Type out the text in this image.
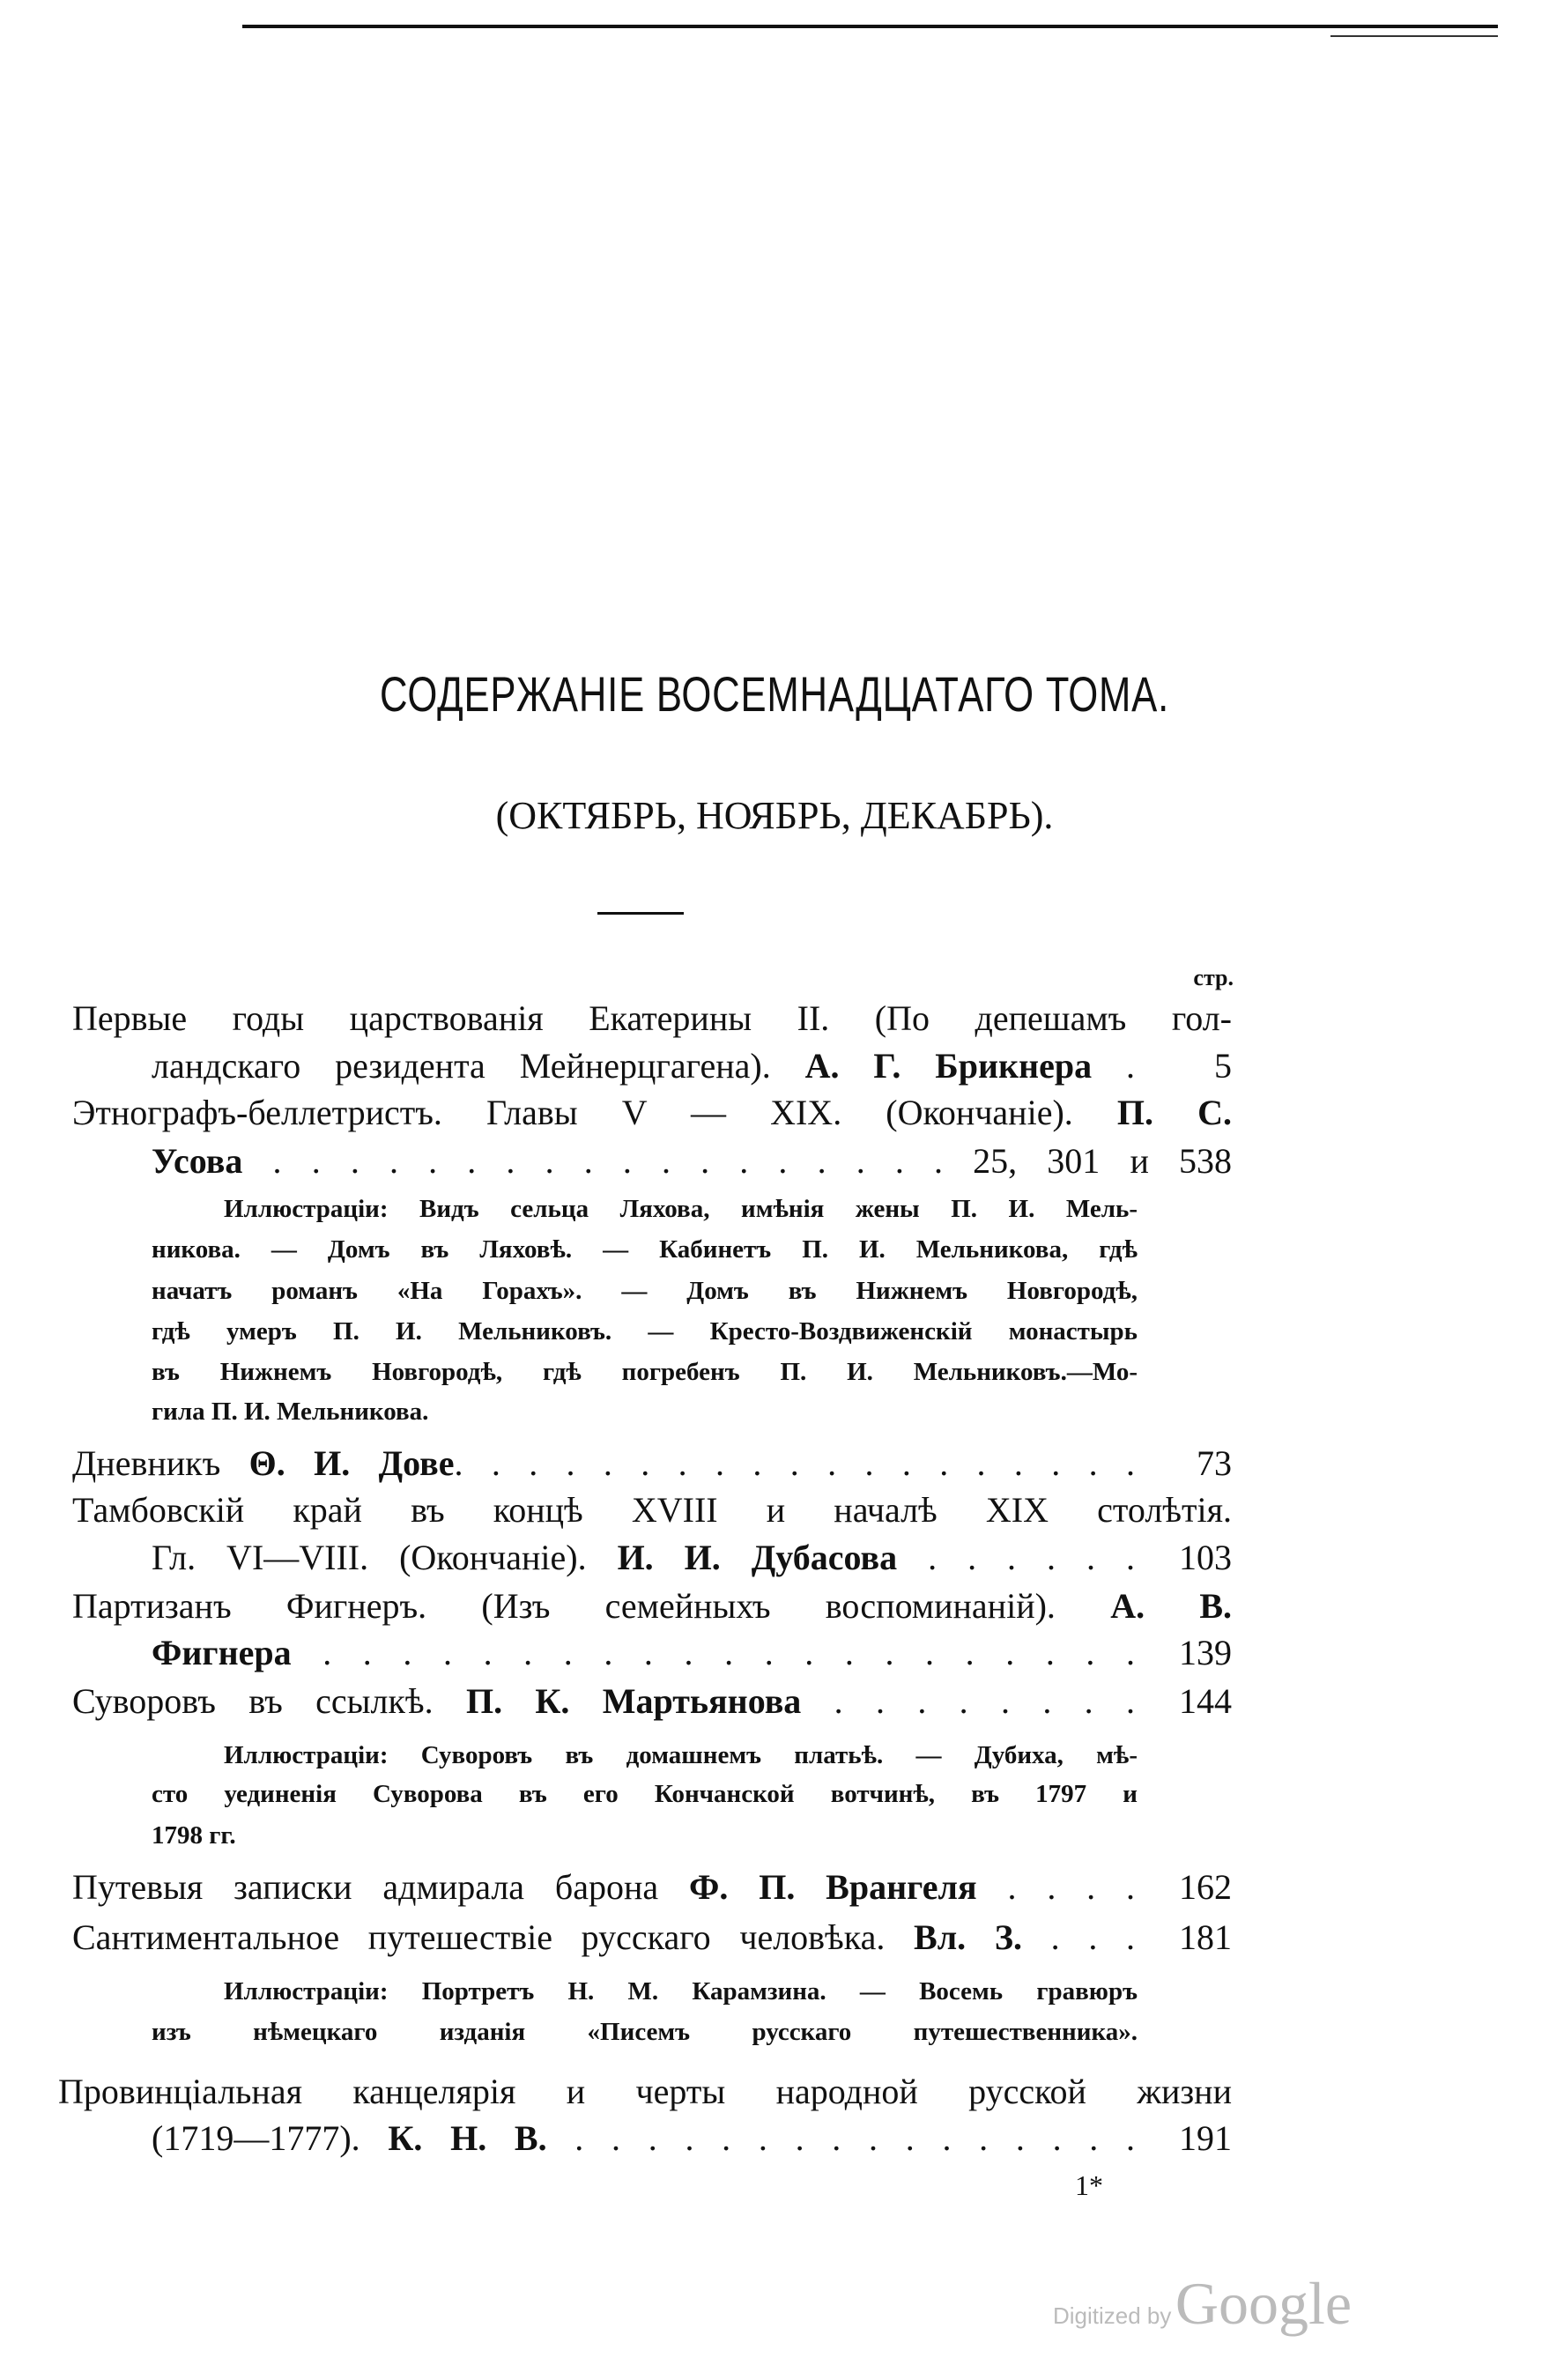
СОДЕРЖАНІЕ ВОСЕМНАДЦАТАГО ТОМА.
(ОКТЯБРЬ, НОЯБРЬ, ДЕКАБРЬ).
стр.
Первые годы царствованія Екатерины II. (По депешамъ гол-
ландскаго резидента Мейнерцгагена). А. Г. Брикнера .	5
Этнографъ-беллетристъ. Главы V — XIX. (Окончаніе). П. С.
Усова . . . . . . . . . . . . . . . . . . 25, 301 и 538
Иллюстраціи: Видъ сельца Ляхова, имѣнія жены П. И. Мель-
никова. — Домъ въ Ляховѣ. — Кабинетъ П. И. Мельникова, гдѣ
начатъ романъ «На Горахъ». — Домъ въ Нижнемъ Новгородѣ,
гдѣ умеръ П. И. Мельниковъ. — Кресто-Воздвиженскій монастырь
въ Нижнемъ Новгородѣ, гдѣ погребенъ П. И. Мельниковъ.—Мо-
гила П. И. Мельникова.
Дневникъ Θ. И. Довe. . . . . . . . . . . . . . . . . . .	73
Тамбовскій край въ концѣ XVIII и началѣ XIX столѣтія.
Гл. VI—VIII. (Окончаніе). И. И. Дубасова . . . . . .	103
Партизанъ Фигнеръ. (Изъ семейныхъ воспоминаній). А. В.
Фигнера . . . . . . . . . . . . . . . . . . . . .	139
Суворовъ въ ссылкѣ. П. К. Мартьянова . . . . . . . .	144
Иллюстраціи: Суворовъ въ домашнемъ платьѣ. — Дубиха, мѣ-
сто уединенія Суворова въ его Кончанской вотчинѣ, въ 1797 и
1798 гг.
Путевыя записки адмирала барона Ф. П. Врангеля . . . .	162
Сантиментальное путешествіе русскаго человѣка. Вл. З. . . .	181
Иллюстраціи: Портретъ Н. М. Карамзина. — Восемь гравюръ
изъ нѣмецкаго изданія «Писемъ русскаго путешественника».
Провинціальная канцелярія и черты народной русской жизни
(1719—1777). К. Н. В. . . . . . . . . . . . . . . . .	191
1*
Digitized by Google
